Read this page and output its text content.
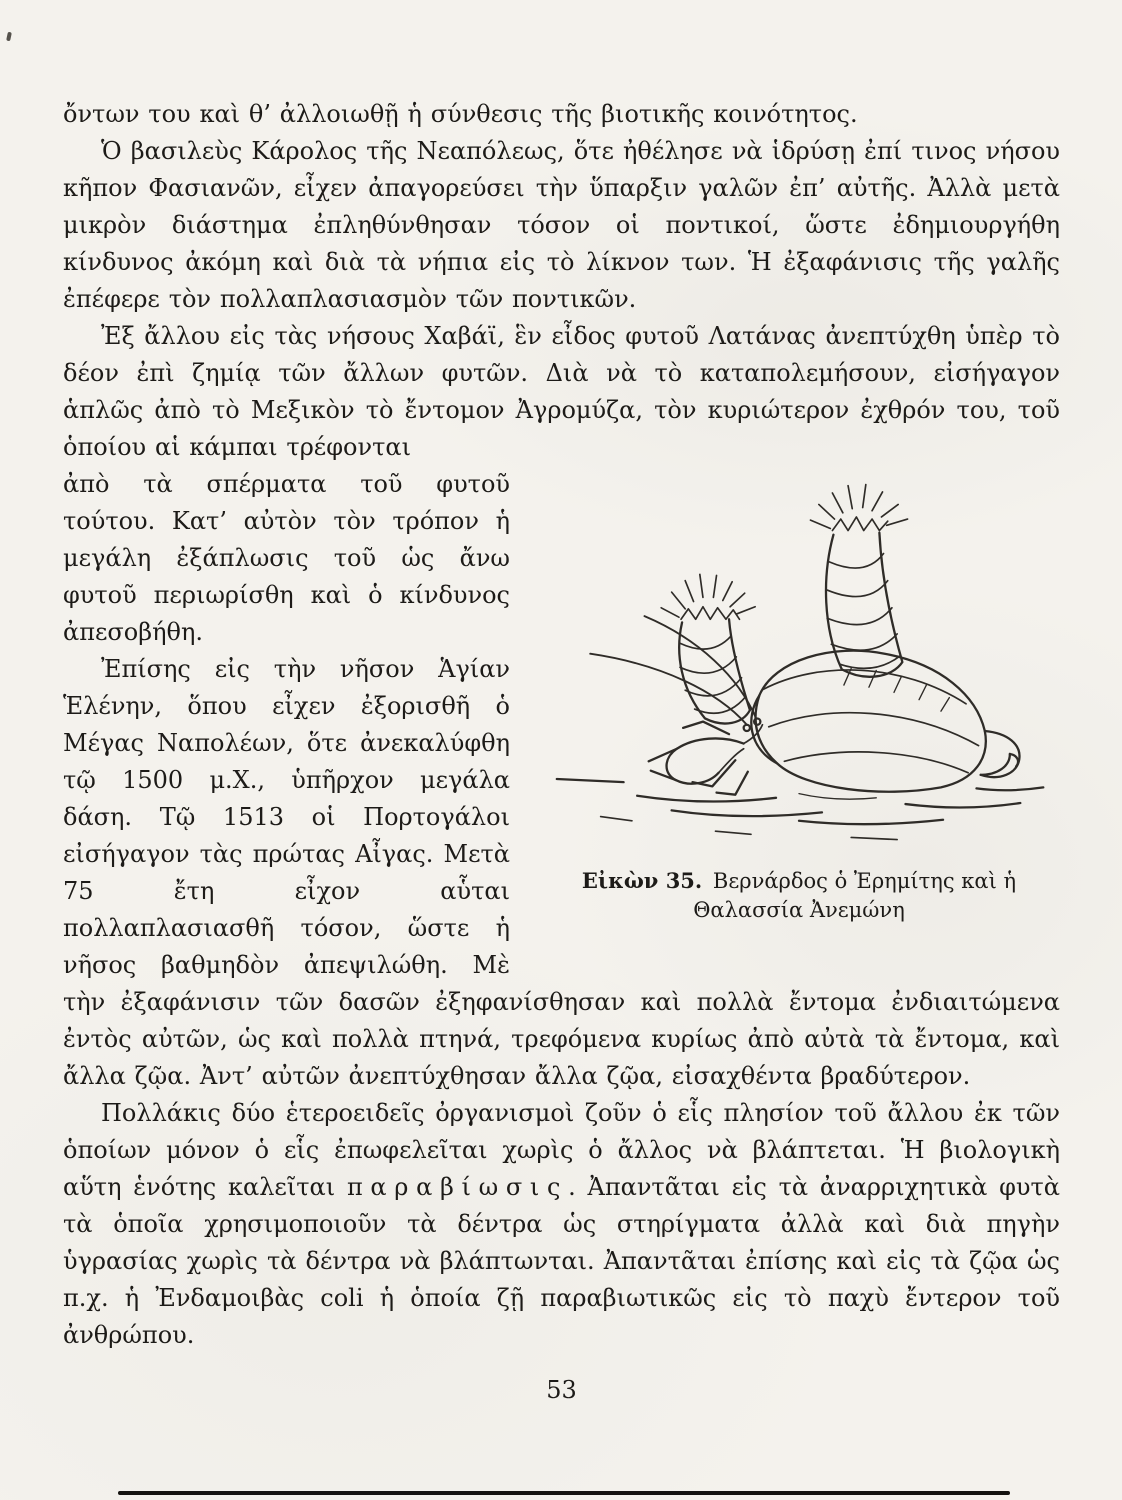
ὄντων του καὶ θ’ ἀλλοιωθῇ ἡ σύνθεσις τῆς βιοτικῆς κοινότητος.

Ὁ βασιλεὺς Κάρολος τῆς Νεαπόλεως, ὅτε ἠθέλησε νὰ ἱδρύσῃ ἐπί τινος νήσου κῆπον Φασιανῶν, εἶχεν ἀπαγορεύσει τὴν ὕπαρξιν γαλῶν ἐπ’ αὐτῆς. Ἀλλὰ μετὰ μικρὸν διάστημα ἐπληθύνθησαν τόσον οἱ ποντικοί, ὥστε ἐδημιουργήθη κίνδυνος ἀκόμη καὶ διὰ τὰ νήπια εἰς τὸ λίκνον των. Ἡ ἐξαφάνισις τῆς γαλῆς ἐπέφερε τὸν πολλαπλασιασμὸν τῶν ποντικῶν.

Ἐξ ἄλλου εἰς τὰς νήσους Χαβάϊ, ἓν εἶδος φυτοῦ Λατάνας ἀνεπτύχθη ὑπὲρ τὸ δέον ἐπὶ ζημίᾳ τῶν ἄλλων φυτῶν. Διὰ νὰ τὸ καταπολεμήσουν, εἰσήγαγον ἁπλῶς ἀπὸ τὸ Μεξικὸν τὸ ἔντομον Ἀγρομύζα, τὸν κυριώτερον ἐχθρόν του, τοῦ ὁποίου αἱ κάμπαι τρέφονται

Εἰκὼν 35. Βερνάρδος ὁ Ἐρημίτης καὶ ἡ Θαλασσία Ἀνεμώνη

ἀπὸ τὰ σπέρματα τοῦ φυτοῦ τούτου. Κατ’ αὐτὸν τὸν τρόπον ἡ μεγάλη ἐξάπλωσις τοῦ ὡς ἄνω φυτοῦ περιωρίσθη καὶ ὁ κίνδυνος ἀπεσοβήθη.

Ἐπίσης εἰς τὴν νῆσον Ἁγίαν Ἑλένην, ὅπου εἶχεν ἐξορισθῆ ὁ Μέγας Ναπολέων, ὅτε ἀνεκαλύφθη τῷ 1500 μ.Χ., ὑπῆρχον μεγάλα δάση. Τῷ 1513 οἱ Πορτογάλοι εἰσήγαγον τὰς πρώτας Αἶγας. Μετὰ 75 ἔτη εἶχον αὗται πολλαπλασιασθῆ τόσον, ὥστε ἡ νῆσος βαθμηδὸν ἀπεψιλώθη. Μὲ τὴν ἐξαφάνισιν τῶν δασῶν ἐξηφανίσθησαν καὶ πολλὰ ἔντομα ἐνδιαιτώμενα ἐντὸς αὐτῶν, ὡς καὶ πολλὰ πτηνά, τρεφόμενα κυρίως ἀπὸ αὐτὰ τὰ ἔντομα, καὶ ἄλλα ζῷα. Ἀντ’ αὐτῶν ἀνεπτύχθησαν ἄλλα ζῷα, εἰσαχθέντα βραδύτερον.

Πολλάκις δύο ἑτεροειδεῖς ὀργανισμοὶ ζοῦν ὁ εἷς πλησίον τοῦ ἄλλου ἐκ τῶν ὁποίων μόνον ὁ εἷς ἐπωφελεῖται χωρὶς ὁ ἄλλος νὰ βλάπτεται. Ἡ βιολογικὴ αὕτη ἑνότης καλεῖται παραβίωσις. Ἀπαντᾶται εἰς τὰ ἀναρριχητικὰ φυτὰ τὰ ὁποῖα χρησιμοποιοῦν τὰ δέντρα ὡς στηρίγματα ἀλλὰ καὶ διὰ πηγὴν ὑγρασίας χωρὶς τὰ δέντρα νὰ βλάπτωνται. Ἀπαντᾶται ἐπίσης καὶ εἰς τὰ ζῷα ὡς π.χ. ἡ Ἐνδαμοιβὰς coli ἡ ὁποία ζῇ παραβιωτικῶς εἰς τὸ παχὺ ἔντερον τοῦ ἀνθρώπου.

53
